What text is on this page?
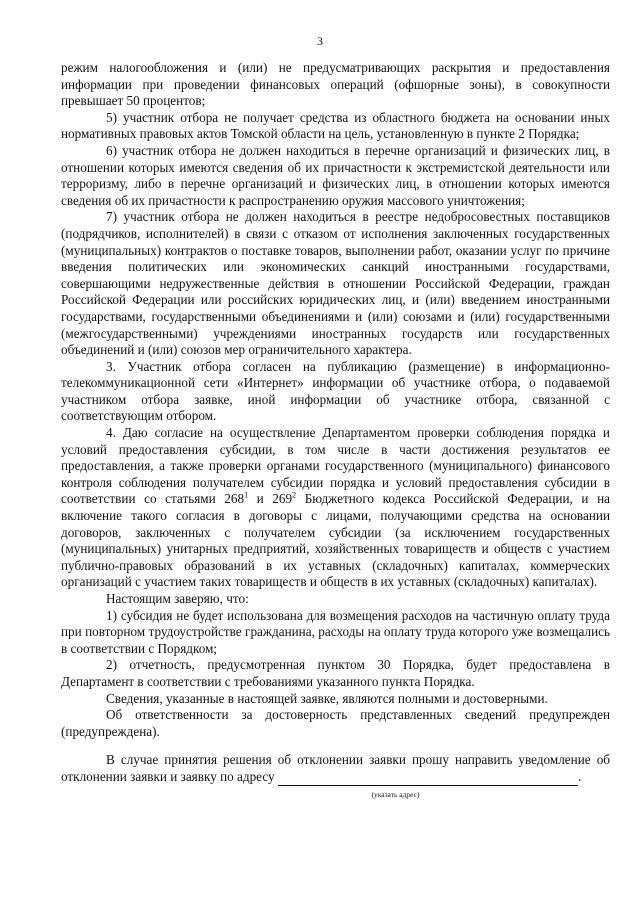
3

режим налогообложения и (или) не предусматривающих раскрытия и предоставления информации при проведении финансовых операций (офшорные зоны), в совокупности превышает 50 процентов;

5) участник отбора не получает средства из областного бюджета на основании иных нормативных правовых актов Томской области на цель, установленную в пункте 2 Порядка;

6) участник отбора не должен находиться в перечне организаций и физических лиц, в отношении которых имеются сведения об их причастности к экстремистской деятельности или терроризму, либо в перечне организаций и физических лиц, в отношении которых имеются сведения об их причастности к распространению оружия массового уничтожения;

7) участник отбора не должен находиться в реестре недобросовестных поставщиков (подрядчиков, исполнителей) в связи с отказом от исполнения заключенных государственных (муниципальных) контрактов о поставке товаров, выполнении работ, оказании услуг по причине введения политических или экономических санкций иностранными государствами, совершающими недружественные действия в отношении Российской Федерации, граждан Российской Федерации или российских юридических лиц, и (или) введением иностранными государствами, государственными объединениями и (или) союзами и (или) государственными (межгосударственными) учреждениями иностранных государств или государственных объединений и (или) союзов мер ограничительного характера.

3. Участник отбора согласен на публикацию (размещение) в информационно-телекоммуникационной сети «Интернет» информации об участнике отбора, о подаваемой участником отбора заявке, иной информации об участнике отбора, связанной с соответствующим отбором.

4. Даю согласие на осуществление Департаментом проверки соблюдения порядка и условий предоставления субсидии, в том числе в части достижения результатов ее предоставления, а также проверки органами государственного (муниципального) финансового контроля соблюдения получателем субсидии порядка и условий предоставления субсидии в соответствии со статьями $268^1$ и $269^2$ Бюджетного кодекса Российской Федерации, и на включение такого согласия в договоры с лицами, получающими средства на основании договоров, заключенных с получателем субсидии (за исключением государственных (муниципальных) унитарных предприятий, хозяйственных товариществ и обществ с участием публично-правовых образований в их уставных (складочных) капиталах, коммерческих организаций с участием таких товариществ и обществ в их уставных (складочных) капиталах).

Настоящим заверяю, что:

1) субсидия не будет использована для возмещения расходов на частичную оплату труда при повторном трудоустройстве гражданина, расходы на оплату труда которого уже возмещались в соответствии с Порядком;

2) отчетность, предусмотренная пунктом 30 Порядка, будет предоставлена в Департамент в соответствии с требованиями указанного пункта Порядка.

Сведения, указанные в настоящей заявке, являются полными и достоверными.

Об ответственности за достоверность представленных сведений предупрежден (предупреждена).

В случае принятия решения об отклонении заявки прошу направить уведомление об отклонении заявки и заявку по адресу	.

(указать адрес)
